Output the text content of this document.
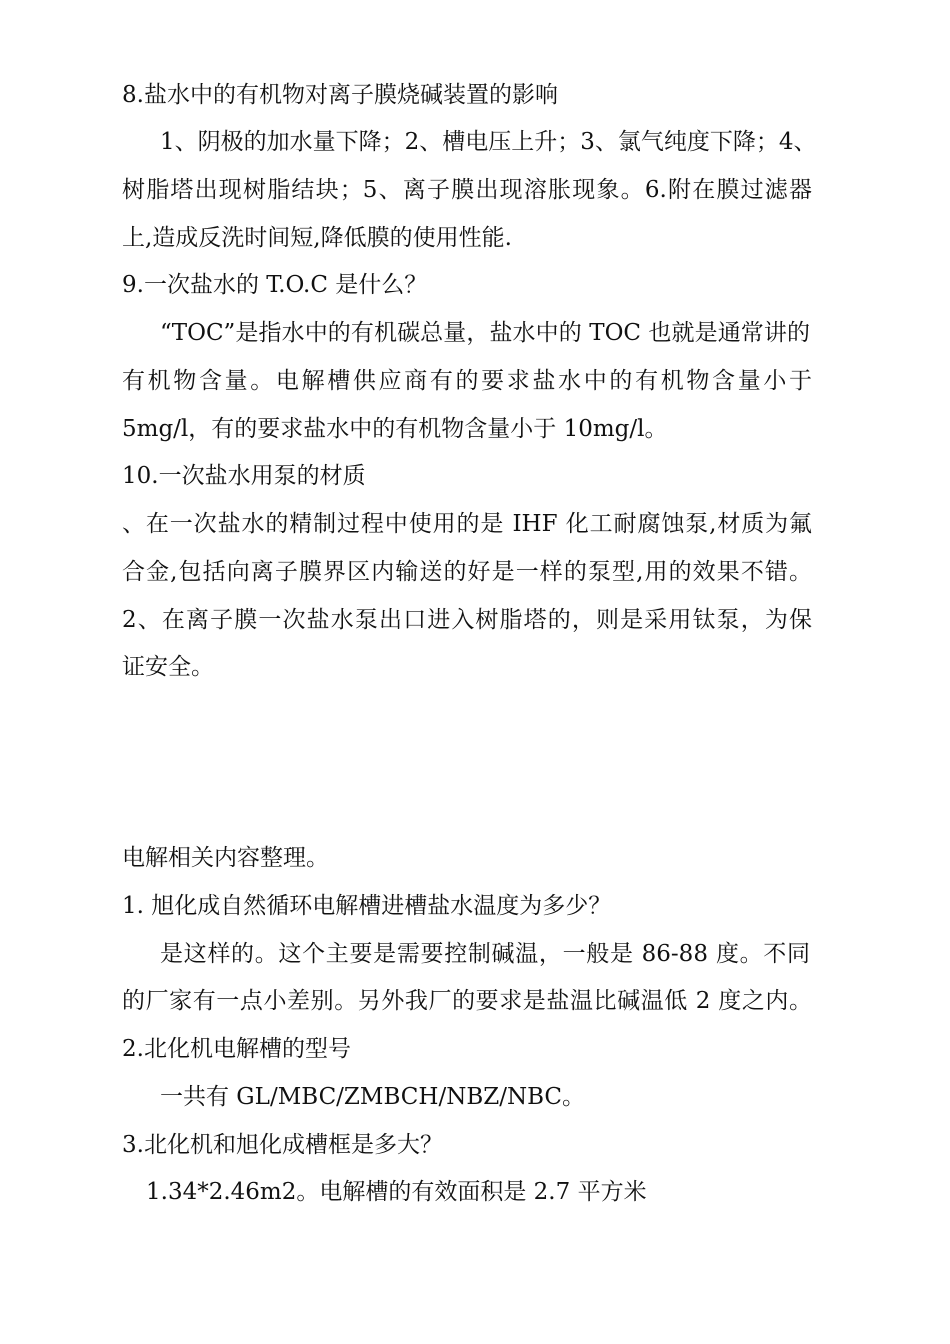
8.盐水中的有机物对离子膜烧碱装置的影响
1、阴极的加水量下降；2、槽电压上升；3、氯气纯度下降；4、
树脂塔出现树脂结块；5、离子膜出现溶胀现象。6.附在膜过滤器
上,造成反洗时间短,降低膜的使用性能.
9.一次盐水的 T.O.C 是什么？
“TOC”是指水中的有机碳总量，盐水中的 TOC 也就是通常讲的
有机物含量。电解槽供应商有的要求盐水中的有机物含量小于
5mg/l，有的要求盐水中的有机物含量小于 10mg/l。
10.一次盐水用泵的材质
、在一次盐水的精制过程中使用的是 IHF 化工耐腐蚀泵,材质为氟
合金,包括向离子膜界区内输送的好是一样的泵型,用的效果不错。
2、在离子膜一次盐水泵出口进入树脂塔的，则是采用钛泵，为保
证安全。
电解相关内容整理。
1. 旭化成自然循环电解槽进槽盐水温度为多少？
是这样的。这个主要是需要控制碱温，一般是 86-88 度。不同
的厂家有一点小差别。另外我厂的要求是盐温比碱温低 2 度之内。
2.北化机电解槽的型号
一共有 GL/MBC/ZMBCH/NBZ/NBC。
3.北化机和旭化成槽框是多大？
1.34*2.46m2。电解槽的有效面积是 2.7 平方米
